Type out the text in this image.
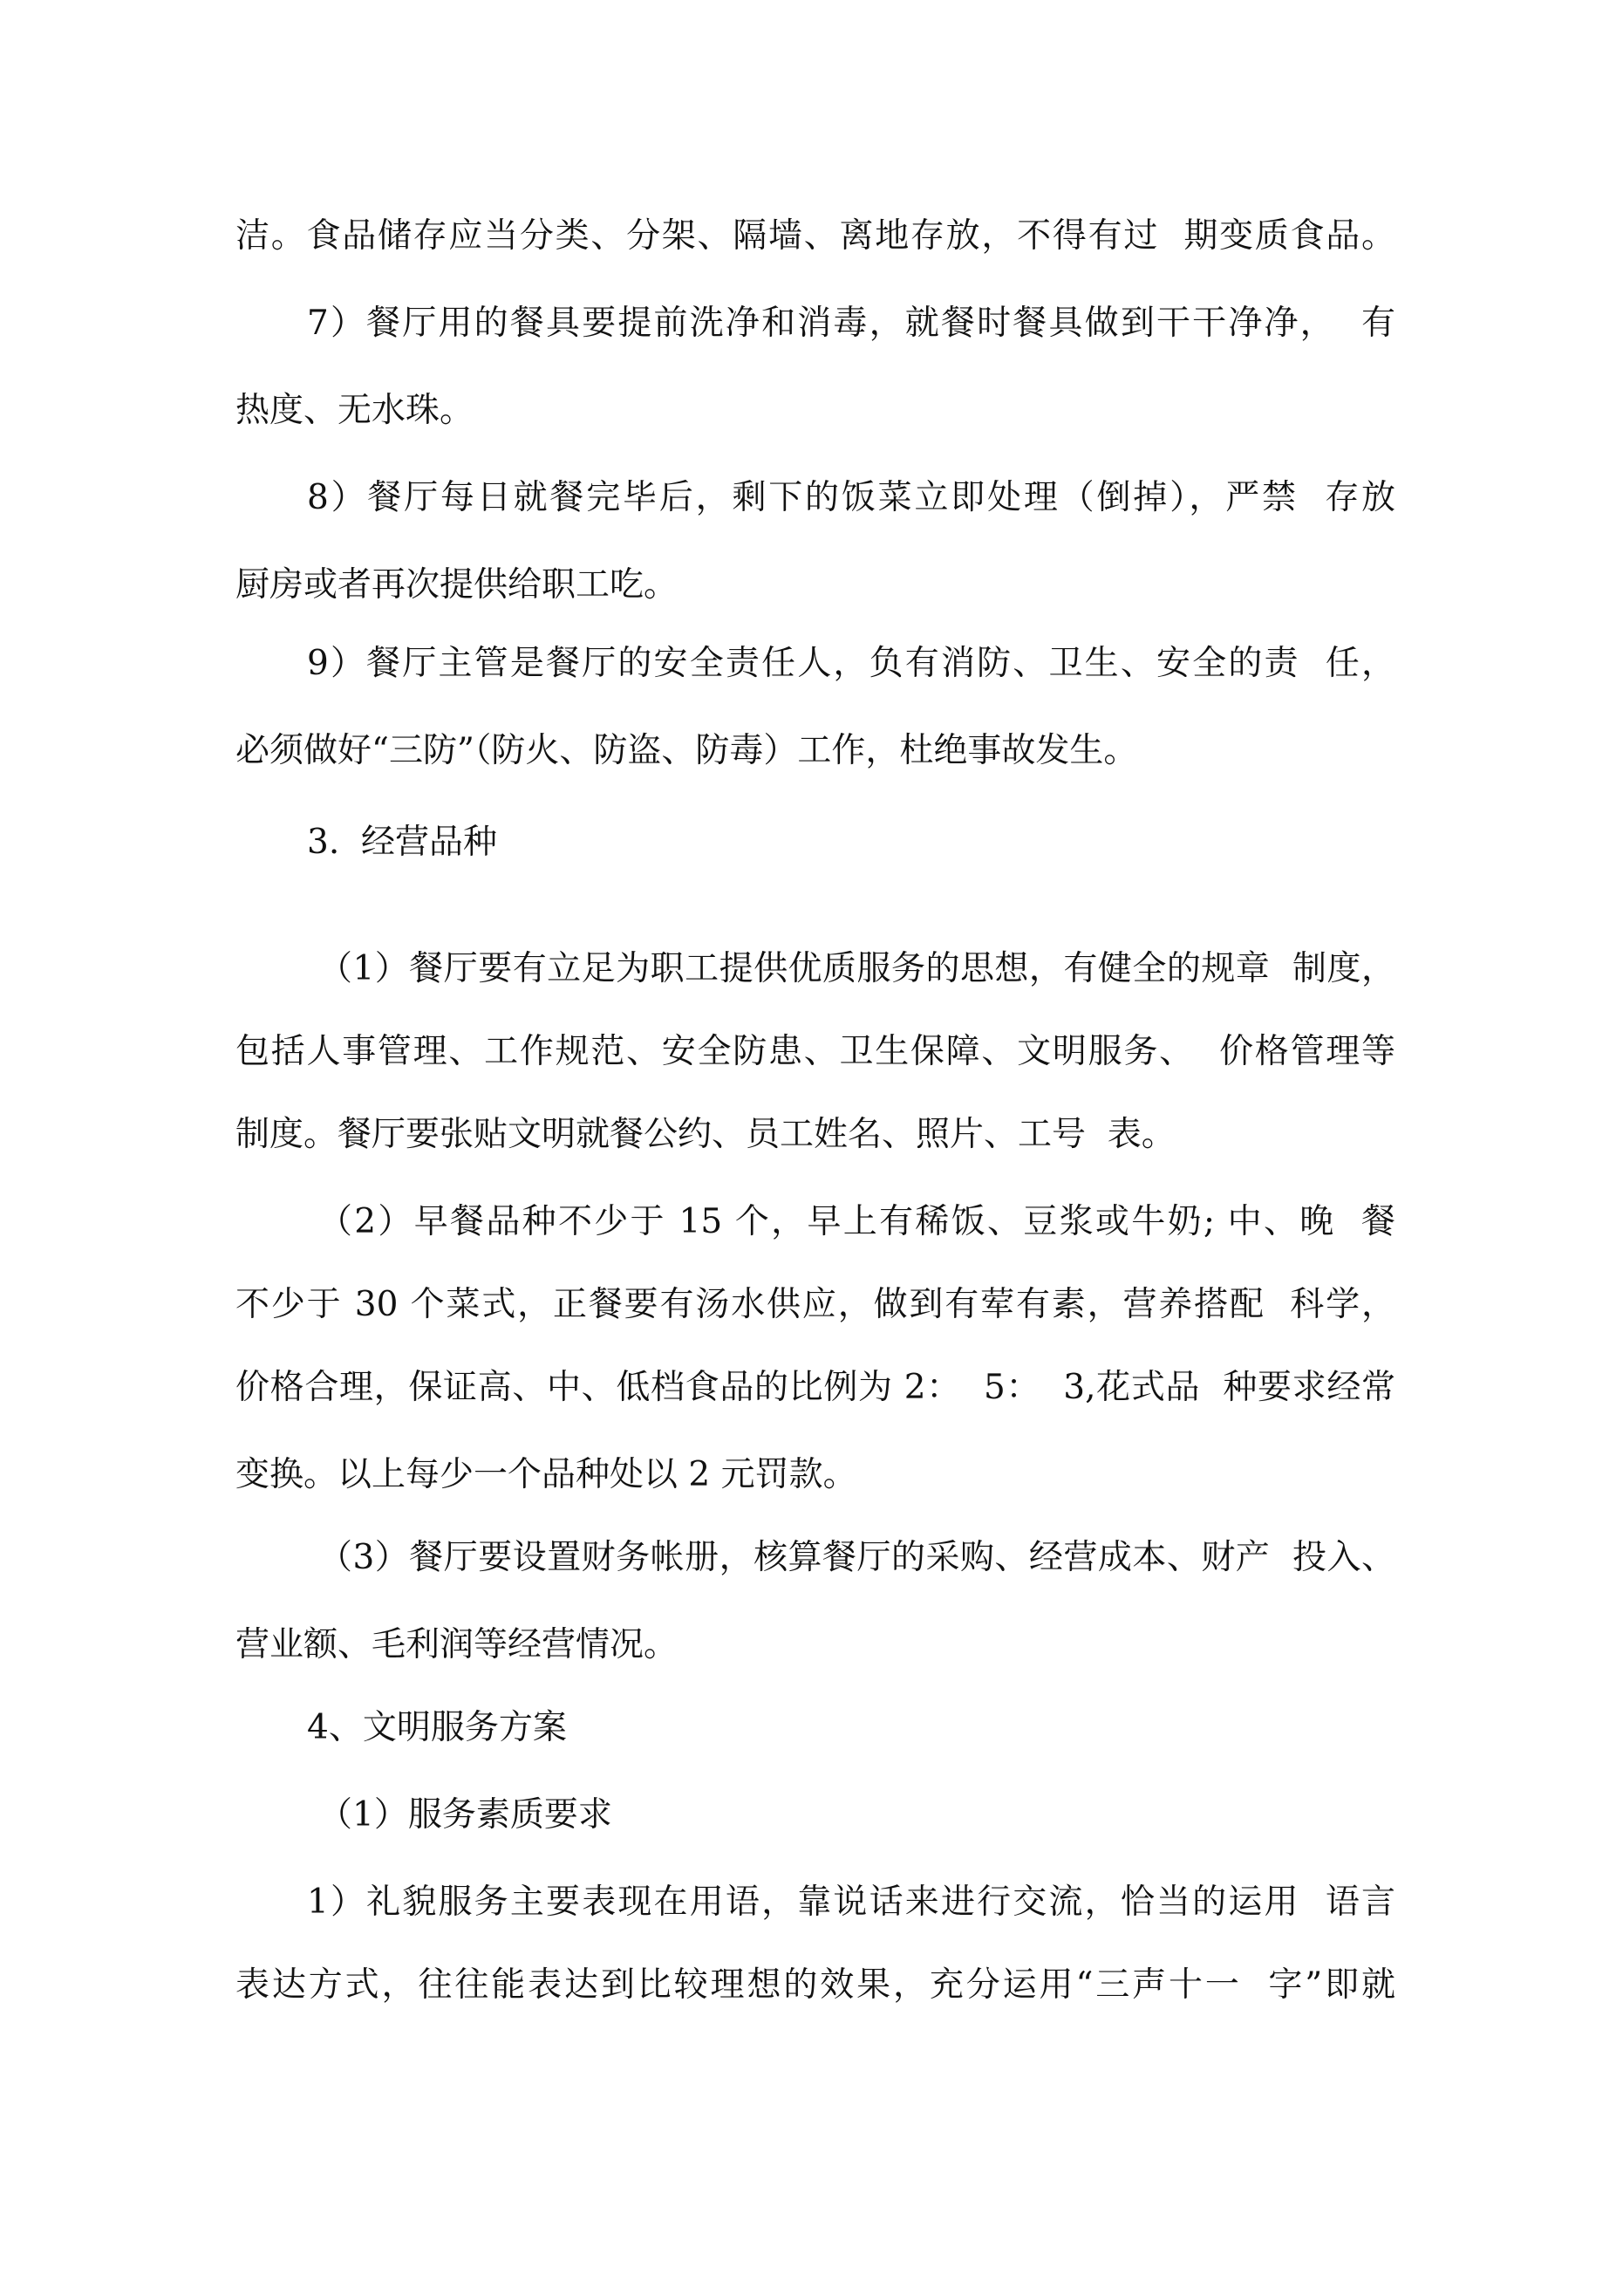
洁。食品储存应当分类、分架、隔墙、离地存放，不得有过  期变质食品。
7）餐厅用的餐具要提前洗净和消毒，就餐时餐具做到干干净净，  有
热度、无水珠。
8）餐厅每日就餐完毕后，剩下的饭菜立即处理（倒掉），严禁  存放
厨房或者再次提供给职工吃。
9）餐厅主管是餐厅的安全责任人，负有消防、卫生、安全的责  任，
必须做好“三防”（防火、防盗、防毒）工作，杜绝事故发生。
3.  经营品种
（1）餐厅要有立足为职工提供优质服务的思想，有健全的规章  制度，
包括人事管理、工作规范、安全防患、卫生保障、文明服务、  价格管理等
制度。餐厅要张贴文明就餐公约、员工姓名、照片、工号  表。
（2）早餐品种不少于 15 个，早上有稀饭、豆浆或牛奶; 中、晚  餐
不少于 30 个菜式，正餐要有汤水供应，做到有荤有素，营养搭配  科学，
价格合理，保证高、中、低档食品的比例为 2：  5：  3,花式品  种要求经常
变换。以上每少一个品种处以 2 元罚款。
（3）餐厅要设置财务帐册，核算餐厅的采购、经营成本、财产  投入、
营业额、毛利润等经营情况。
4、文明服务方案
（1）服务素质要求
1）礼貌服务主要表现在用语，靠说话来进行交流，恰当的运用  语言
表达方式，往往能表达到比较理想的效果，充分运用“三声十一  字”即就
